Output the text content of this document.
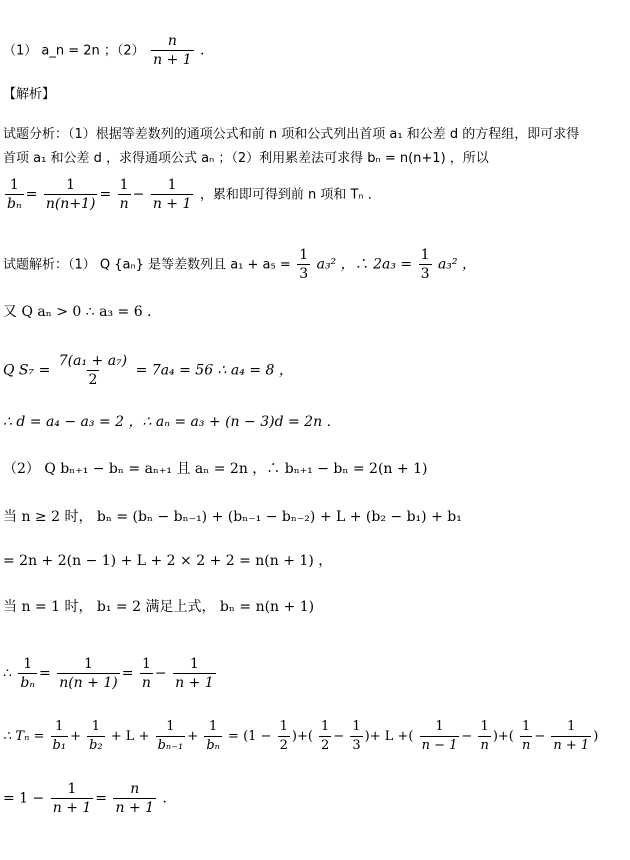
（1） a_n = 2n ；$(2) \frac{n}{n + 1}$ ．
【解析】
试题分析：（1）根据等差数列的通项公式和前 n 项和公式列出首项 a₁ 和公差 d 的方程组，即可求得
首项 a₁ 和公差 d ，求得通项公式 aₙ ；（2）利用累差法可求得 bₙ = n(n+1) ，所以
$\frac{1}{\text{bₙ}} = \frac{1}{n(n+1)} = \frac{1}{n} - \frac{1}{n + 1}$ ，累和即可得到前 n 项和 Tₙ ．
试题解析：（1） Q {aₙ} 是等差数列且 $a_1 + a_5 = \frac{1}{3} a_3^2$ ，∴ $2a_3 = \frac{1}{3} a_3^2$ ，
又 Q aₙ > 0 ∴ a₃ = 6 ．
Q $S_7 = \frac{\text{7(a₁ + a₇)}}{2} = 7a_4 = 56$ ∴ a₄ = 8 ，
∴ d = a₄ − a₃ = 2 ，∴ aₙ = a₃ + (n − 3)d = 2n ．
（2） Q bₙ₊₁ − bₙ = aₙ₊₁ 且 aₙ = 2n ，∴ bₙ₊₁ − bₙ = 2(n + 1)
当 n ≥ 2 时， bₙ = (bₙ − bₙ₋₁) + (bₙ₋₁ − bₙ₋₂) + L + (b₂ − b₁) + b₁
= 2n + 2(n − 1) + L + 2 × 2 + 2 = n(n + 1) ，
当 n = 1 时， b₁ = 2 满足上式， bₙ = n(n + 1)
∴ $\frac{1}{\text{bₙ}} = \frac{1}{n(n + 1)} = \frac{1}{n} - \frac{1}{n + 1}$
∴ $T_n = \frac{1}{\text{b₁}} + \frac{1}{\text{b₂}} + L + \frac{1}{\text{bₙ₋₁}} + \frac{1}{\text{bₙ}} = (1 - \frac{1}{2}$ )+( $\frac{1}{2} - \frac{1}{3}$ )+ L +( $\frac{1}{n - 1} - \frac{1}{n}$ )+( $\frac{1}{n} - \frac{1}{n + 1}$ )
= $1 - \frac{1}{n + 1} = \frac{n}{n + 1}$ ．
